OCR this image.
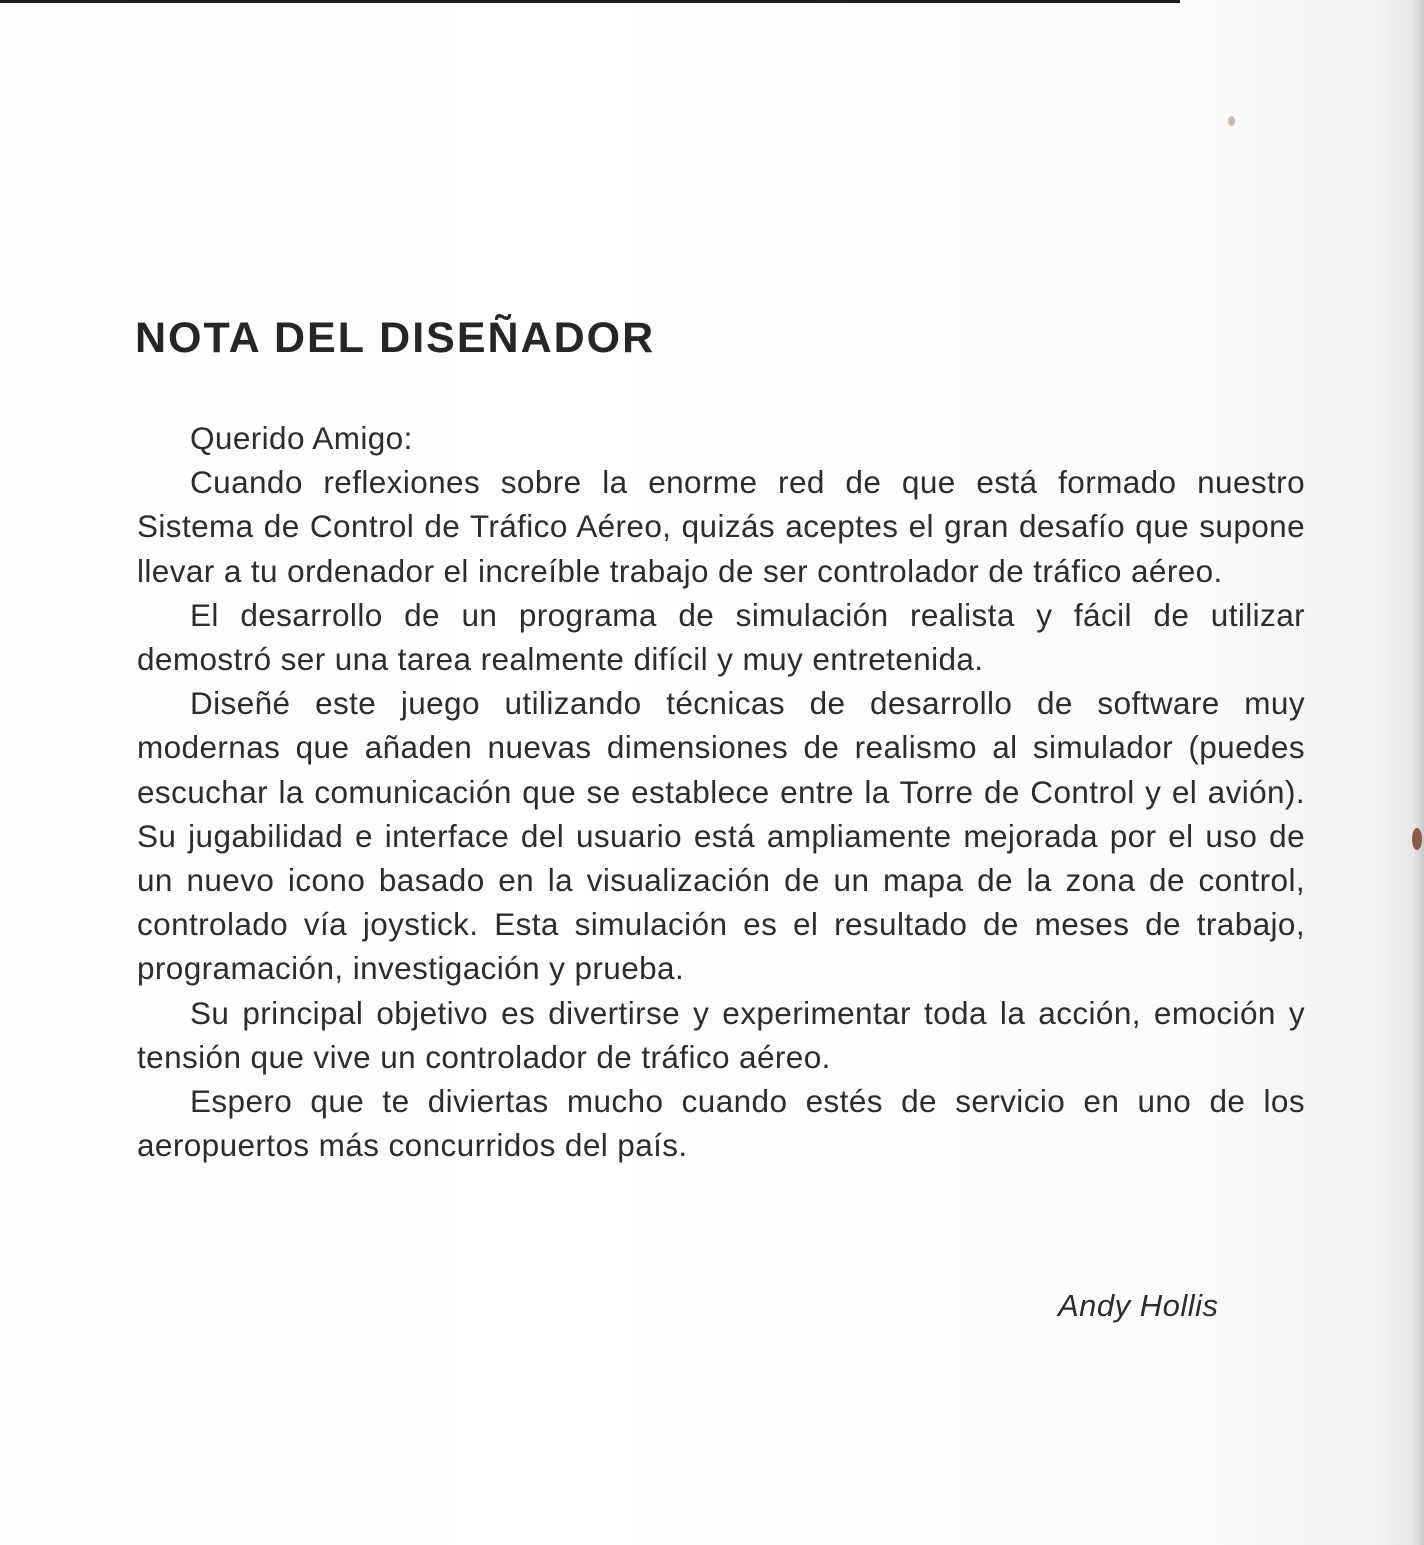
NOTA DEL DISEÑADOR

Querido Amigo:

Cuando reflexiones sobre la enorme red de que está formado nuestro Sistema de Control de Tráfico Aéreo, quizás aceptes el gran desafío que supone llevar a tu ordenador el increíble trabajo de ser controlador de tráfico aéreo.

El desarrollo de un programa de simulación realista y fácil de utilizar demostró ser una tarea realmente difícil y muy entretenida.

Diseñé este juego utilizando técnicas de desarrollo de software muy modernas que añaden nuevas dimensiones de realismo al simulador (puedes escuchar la comunicación que se establece entre la Torre de Control y el avión). Su jugabilidad e interface del usuario está ampliamente mejorada por el uso de un nuevo icono basado en la visualización de un mapa de la zona de control, controlado vía joystick. Esta simulación es el resultado de meses de trabajo, programación, investigación y prueba.

Su principal objetivo es divertirse y experimentar toda la acción, emoción y tensión que vive un controlador de tráfico aéreo.

Espero que te diviertas mucho cuando estés de servicio en uno de los aeropuertos más concurridos del país.

Andy Hollis
